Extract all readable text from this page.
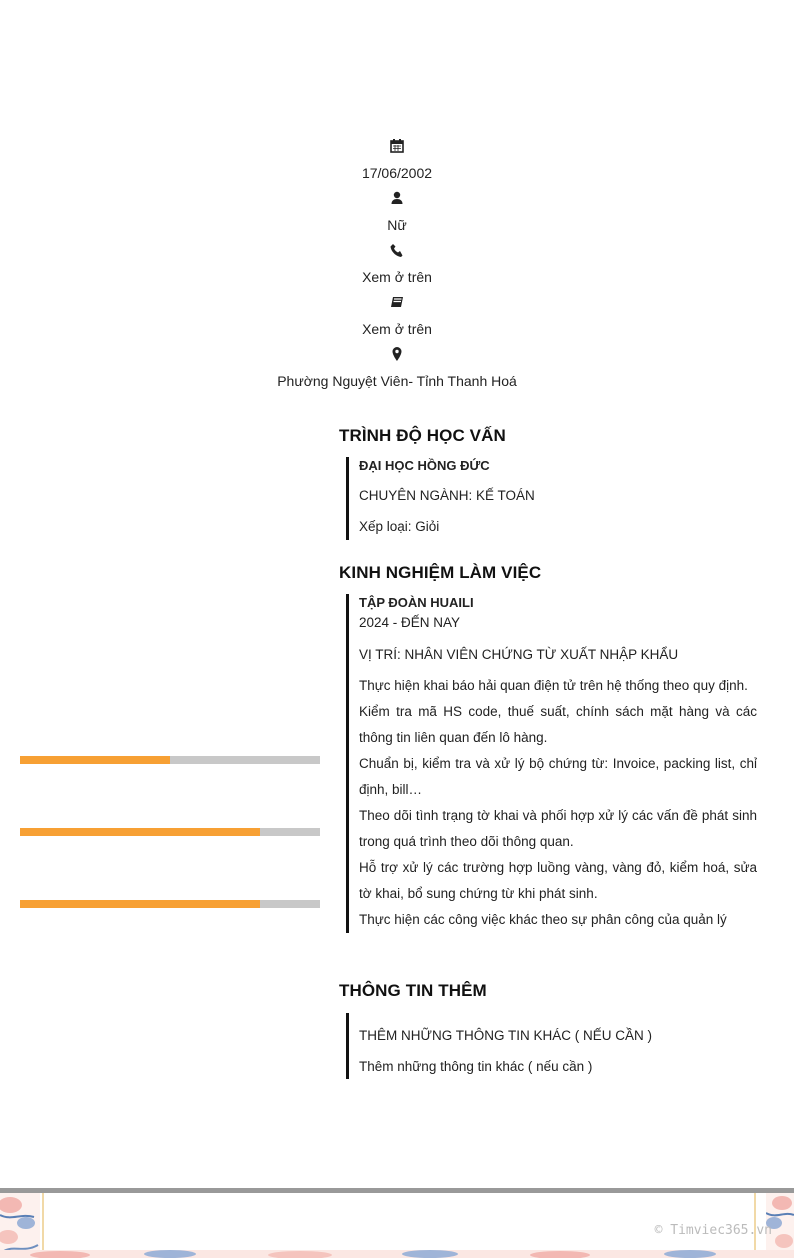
17/06/2002
Nữ
Xem ở trên
Xem ở trên
Phường Nguyệt Viên- Tỉnh Thanh Hoá
TRÌNH ĐỘ HỌC VẤN
ĐẠI HỌC HỒNG ĐỨC
CHUYÊN NGÀNH: KẾ TOÁN
Xếp loại: Giỏi
KINH NGHIỆM LÀM VIỆC
TẬP ĐOÀN HUAILI
2024 - ĐẾN NAY
VỊ TRÍ: NHÂN VIÊN CHỨNG TỪ XUẤT NHẬP KHẨU
Thực hiện khai báo hải quan điện tử trên hệ thống theo quy định.
Kiểm tra mã HS code, thuế suất, chính sách mặt hàng và các thông tin liên quan đến lô hàng.
Chuẩn bị, kiểm tra và xử lý bộ chứng từ: Invoice, packing list, chỉ định, bill…
Theo dõi tình trạng tờ khai và phối hợp xử lý các vấn đề phát sinh trong quá trình theo dõi thông quan.
Hỗ trợ xử lý các trường hợp luồng vàng, vàng đỏ, kiểm hoá, sửa tờ khai, bổ sung chứng từ khi phát sinh.
Thực hiện các công việc khác theo sự phân công của quản lý
THÔNG TIN THÊM
THÊM NHỮNG THÔNG TIN KHÁC ( NẾU CẦN )
Thêm những thông tin khác ( nếu cần )
© Timviec365.vn
